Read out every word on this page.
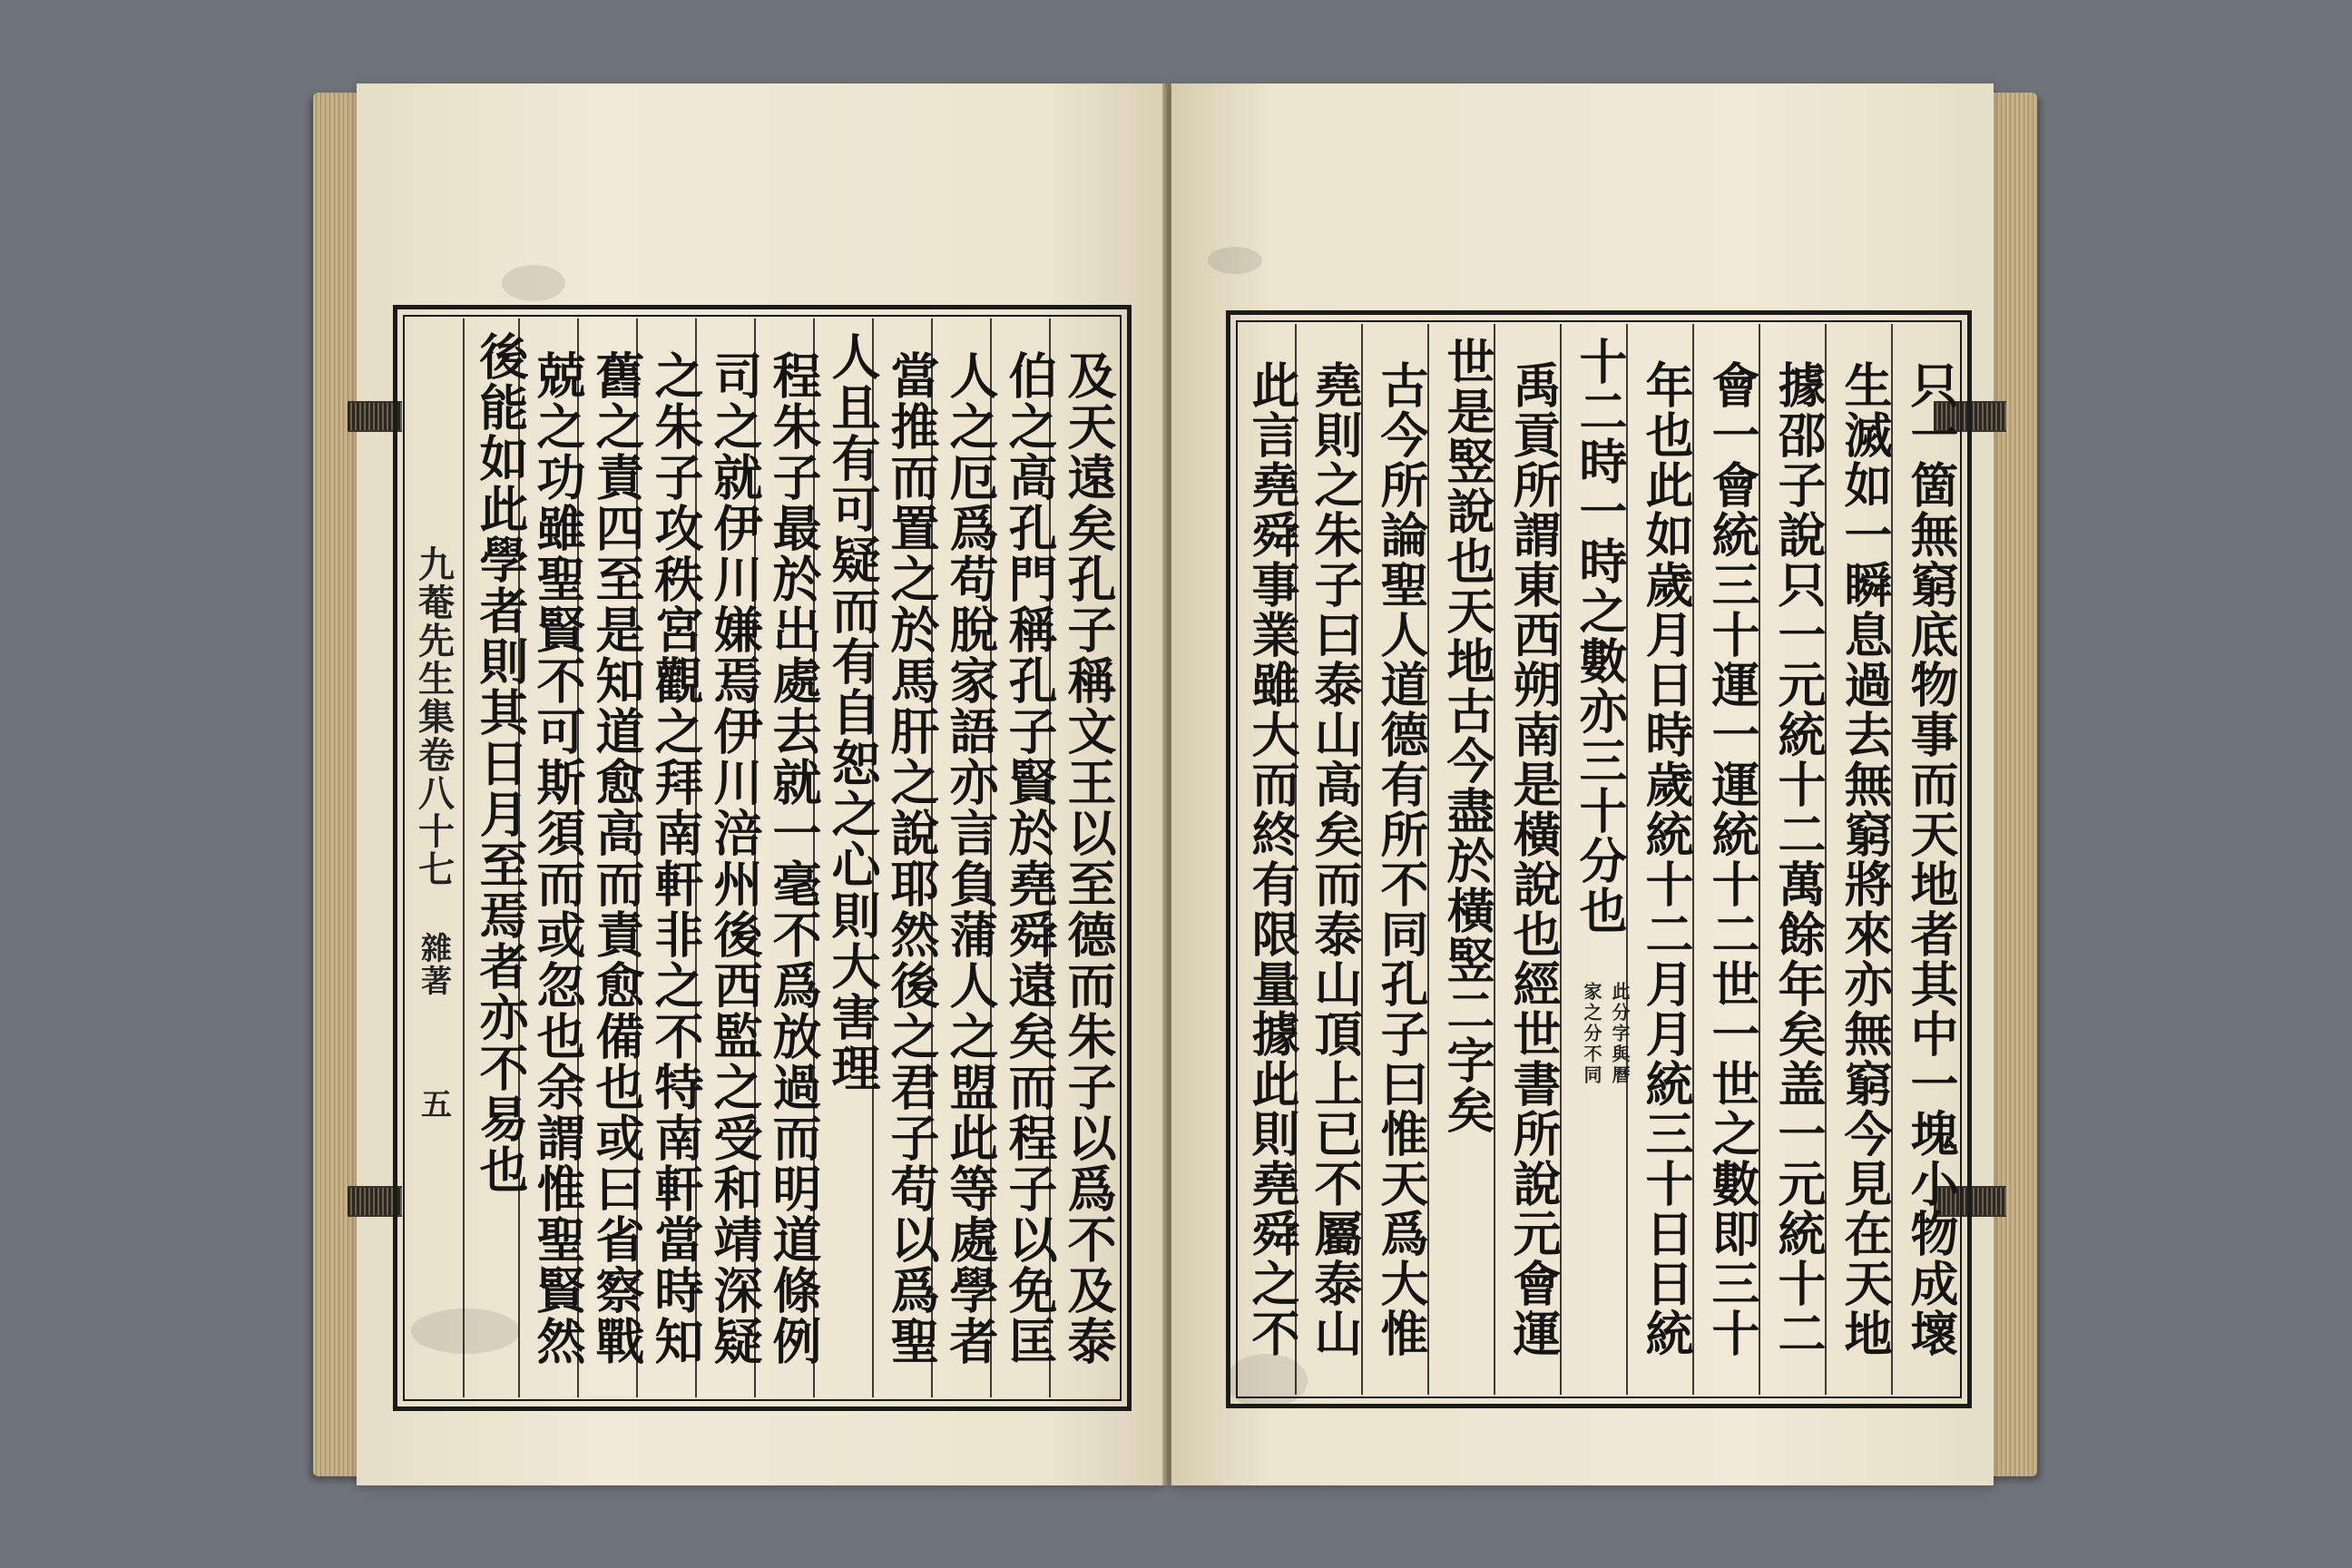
九菴先生集卷八十七
雜著
五	及天遠矣孔子稱文王以至德而朱子以爲不及泰
伯之高孔門稱孔子賢於堯舜遠矣而程子以免匡
人之厄爲苟脫家語亦言負蒲人之盟此等處學者
當推而置之於馬肝之說耶然後之君子苟以爲聖
人且有可疑而有自恕之心則大害理
程朱子最於出處去就一毫不爲放過而明道條例
司之就伊川嫌焉伊川涪州後西監之受和靖深疑
之朱子攻秩宮觀之拜南軒非之不特南軒當時知
舊之責四至是知道愈高而責愈備也或曰省察戰
兢之功雖聖賢不可斯須而或忽也余謂惟聖賢然
後能如此學者則其日月至焉者亦不易也	只一箇無窮底物事而天地者其中一塊小物成壞
生滅如一瞬息過去無窮將來亦無窮今見在天地
據邵子說只一元統十二萬餘年矣盖一元統十二
會一會統三十運一運統十二世一世之數即三十
年也此如歲月日時歲統十二月月統三十日日統
十二時一時之數亦三十分也
此分字與曆
家之分不同
禹貢所謂東西朔南是橫說也經世書所說元會運
世是竪說也天地古今盡於橫竪二字矣
古今所論聖人道德有所不同孔子曰惟天爲大惟
堯則之朱子曰泰山高矣而泰山頂上已不屬泰山
此言堯舜事業雖大而終有限量據此則堯舜之不
